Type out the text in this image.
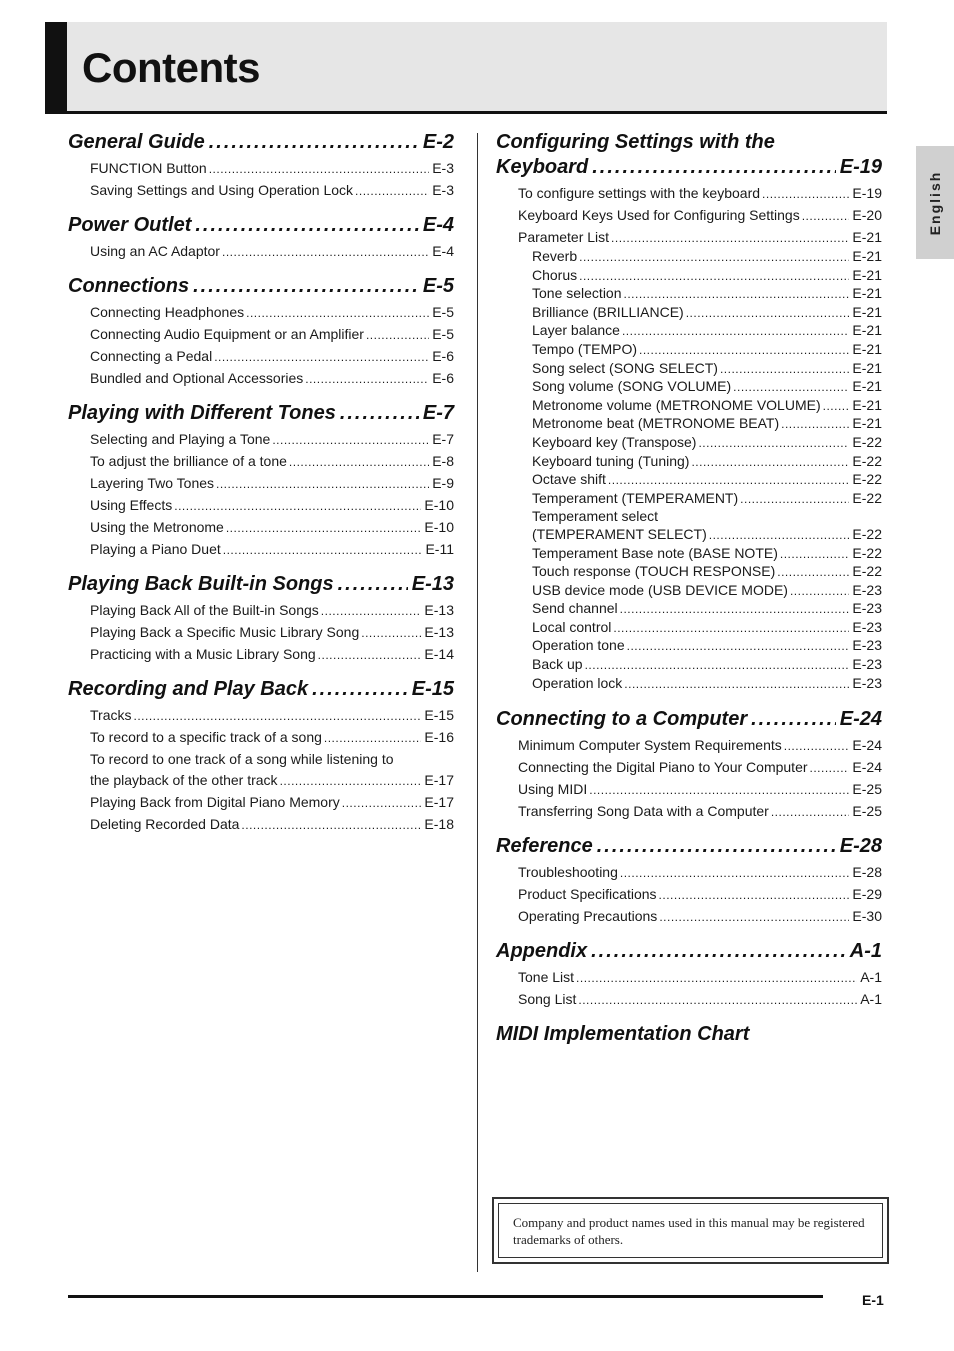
Contents
English
General Guide .....	E-2
FUNCTION Button .....	E-3
Saving Settings and Using Operation Lock .....	E-3
Power Outlet .....	E-4
Using an AC Adaptor .....	E-4
Connections .....	E-5
Connecting Headphones .....	E-5
Connecting Audio Equipment or an Amplifier .....	E-5
Connecting a Pedal .....	E-6
Bundled and Optional Accessories .....	E-6
Playing with Different Tones .....	E-7
Selecting and Playing a Tone .....	E-7
To adjust the brilliance of a tone .....	E-8
Layering Two Tones .....	E-9
Using Effects .....	E-10
Using the Metronome .....	E-10
Playing a Piano Duet .....	E-11
Playing Back Built-in Songs .....	E-13
Playing Back All of the Built-in Songs .....	E-13
Playing Back a Specific Music Library Song .....	E-13
Practicing with a Music Library Song .....	E-14
Recording and Play Back .....	E-15
Tracks .....	E-15
To record to a specific track of a song .....	E-16
To record to one track of a song while listening to
the playback of the other track .....	E-17
Playing Back from Digital Piano Memory .....	E-17
Deleting Recorded Data .....	E-18
Configuring Settings with the
Keyboard .....	E-19
To configure settings with the keyboard .....	E-19
Keyboard Keys Used for Configuring Settings .....	E-20
Parameter List .....	E-21
Reverb .....	E-21
Chorus .....	E-21
Tone selection .....	E-21
Brilliance (BRILLIANCE) .....	E-21
Layer balance .....	E-21
Tempo (TEMPO) .....	E-21
Song select (SONG SELECT) .....	E-21
Song volume (SONG VOLUME) .....	E-21
Metronome volume (METRONOME VOLUME) ..... E-21
Metronome beat (METRONOME BEAT) .....	E-21
Keyboard key (Transpose) .....	E-22
Keyboard tuning (Tuning) .....	E-22
Octave shift .....	E-22
Temperament (TEMPERAMENT) .....	E-22
Temperament select
(TEMPERAMENT SELECT) .....	E-22
Temperament Base note (BASE NOTE) .....	E-22
Touch response (TOUCH RESPONSE) .....	E-22
USB device mode (USB DEVICE MODE) .....	E-23
Send channel .....	E-23
Local control .....	E-23
Operation tone .....	E-23
Back up .....	E-23
Operation lock .....	E-23
Connecting to a Computer .....	E-24
Minimum Computer System Requirements .....	E-24
Connecting the Digital Piano to Your Computer .....	E-24
Using MIDI .....	E-25
Transferring Song Data with a Computer .....	E-25
Reference .....	E-28
Troubleshooting .....	E-28
Product Specifications .....	E-29
Operating Precautions .....	E-30
Appendix .....	A-1
Tone List .....	A-1
Song List .....	A-1
MIDI Implementation Chart
Company and product names used in this manual may be registered trademarks of others.
E-1
